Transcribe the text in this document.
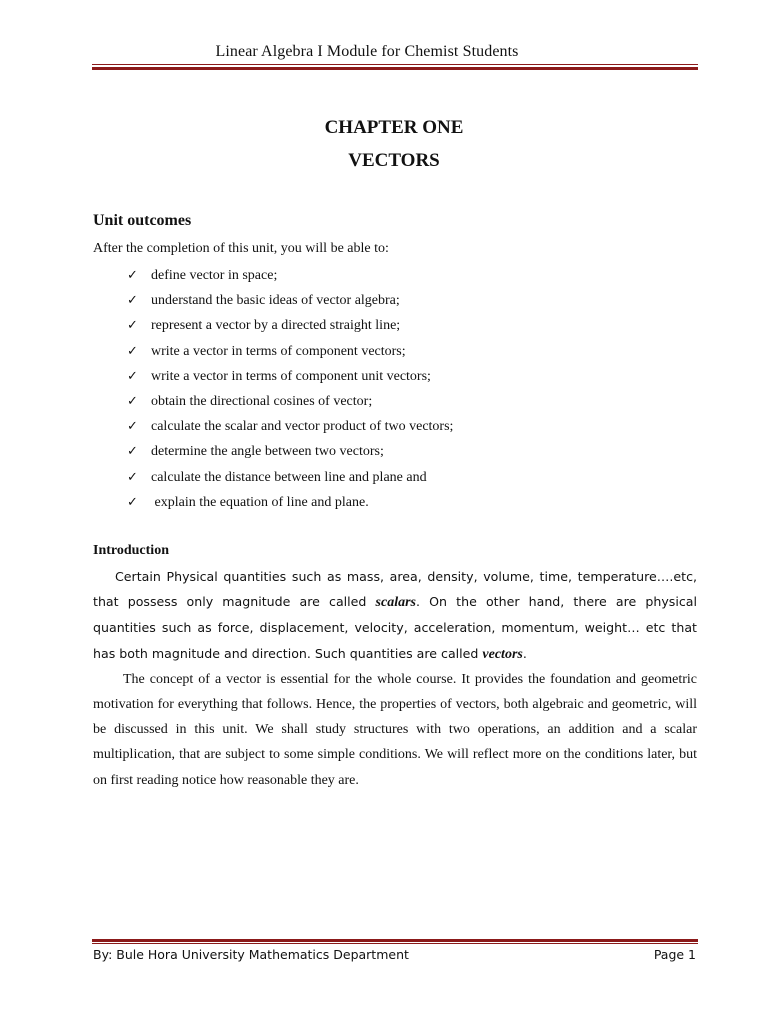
Linear Algebra I Module for Chemist Students
CHAPTER ONE
VECTORS
Unit outcomes
After the completion of this unit, you will be able to:
✓ define vector in space;
✓ understand the basic ideas of vector algebra;
✓ represent a vector by a directed straight line;
✓ write a vector in terms of component vectors;
✓ write a vector in terms of component unit vectors;
✓ obtain the directional cosines of vector;
✓ calculate the scalar and vector product of two vectors;
✓ determine the angle between two vectors;
✓ calculate the distance between line and plane and
✓ explain the equation of line and plane.
Introduction

Certain Physical quantities such as mass, area, density, volume, time, temperature….etc, that possess only magnitude are called scalars. On the other hand, there are physical quantities such as force, displacement, velocity, acceleration, momentum, weight… etc that has both magnitude and direction. Such quantities are called vectors.

The concept of a vector is essential for the whole course. It provides the foundation and geometric motivation for everything that follows. Hence, the properties of vectors, both algebraic and geometric, will be discussed in this unit. We shall study structures with two operations, an addition and a scalar multiplication, that are subject to some simple conditions. We will reflect more on the conditions later, but on first reading notice how reasonable they are.

By: Bule Hora University Mathematics Department	Page 1
